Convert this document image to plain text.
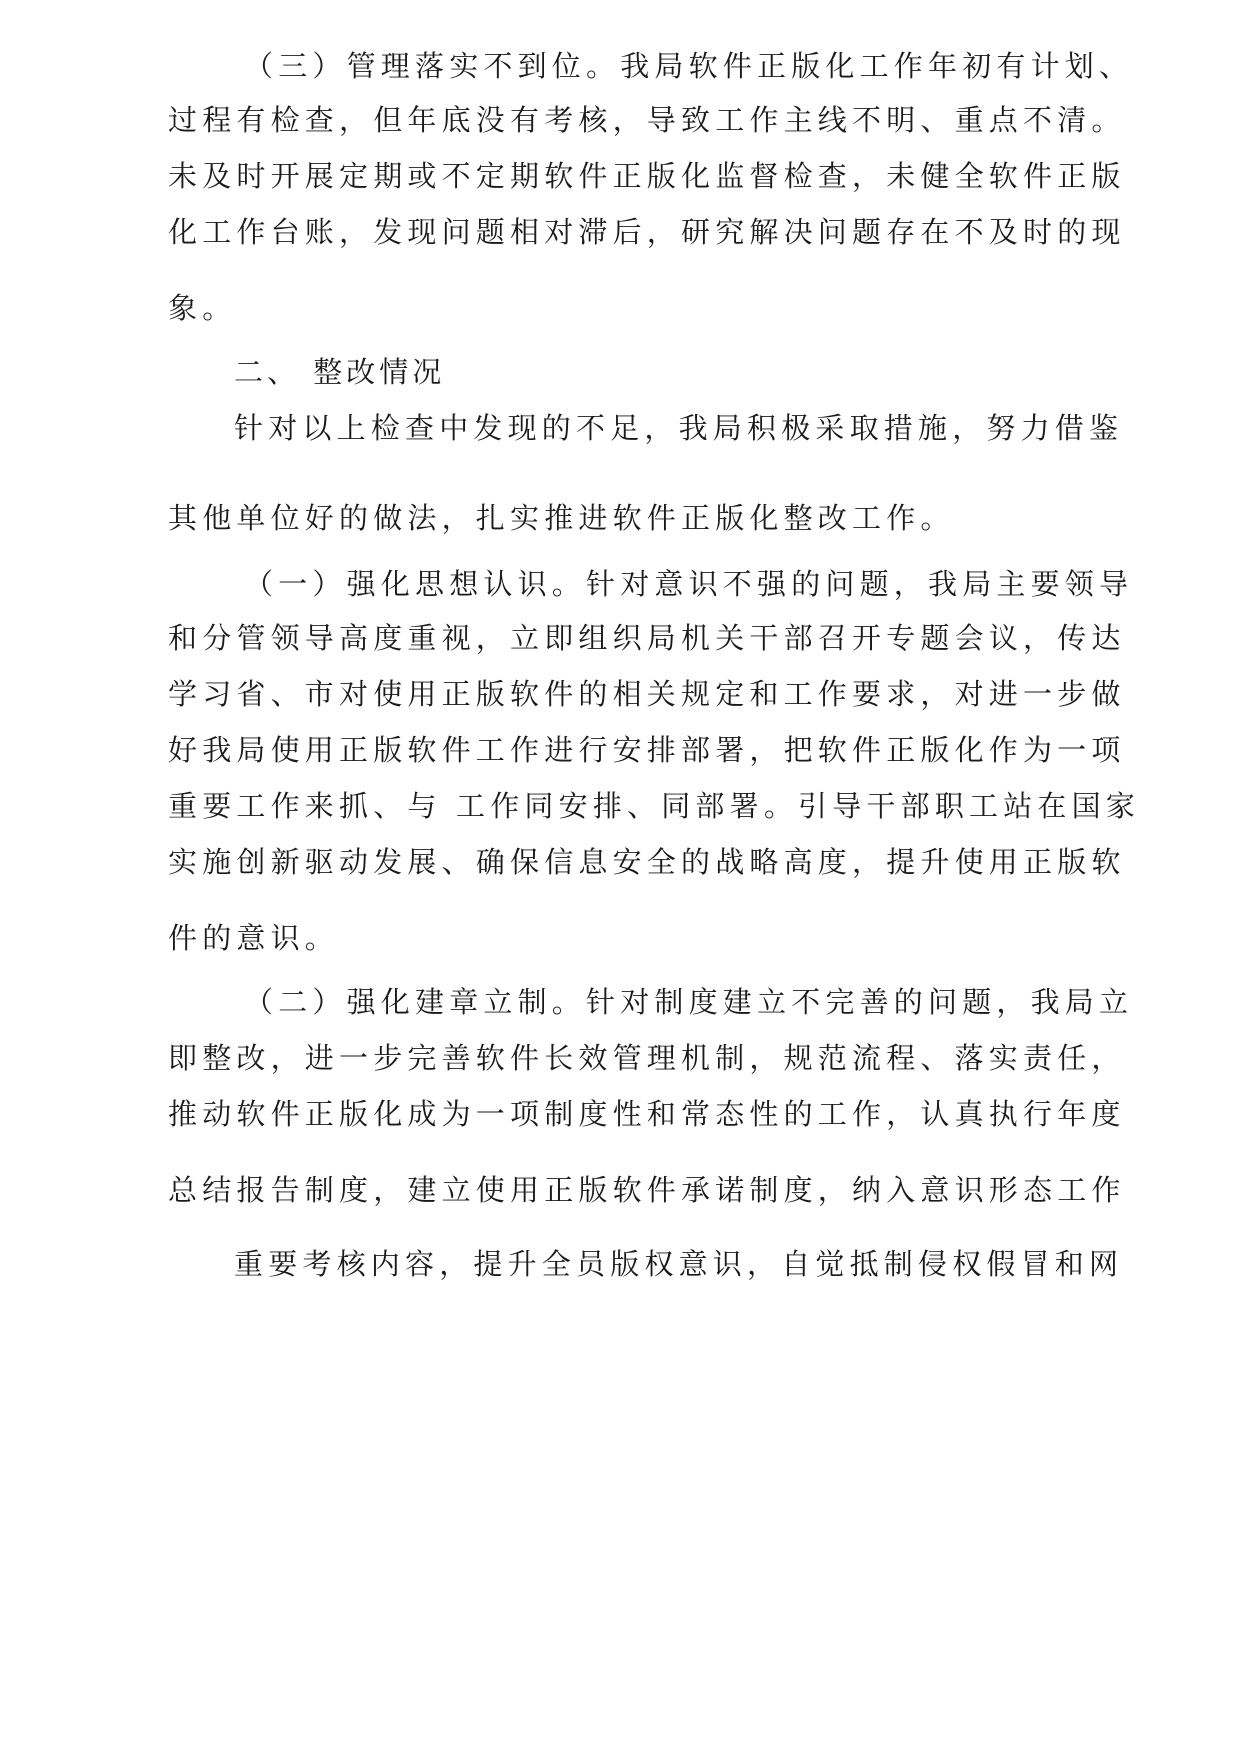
（三）管理落实不到位。我局软件正版化工作年初有计划、
过程有检查，但年底没有考核，导致工作主线不明、重点不清。
未及时开展定期或不定期软件正版化监督检查，未健全软件正版
化工作台账，发现问题相对滞后，研究解决问题存在不及时的现
象。
二、 整改情况
针对以上检查中发现的不足，我局积极采取措施，努力借鉴
其他单位好的做法，扎实推进软件正版化整改工作。
（一）强化思想认识。针对意识不强的问题，我局主要领导
和分管领导高度重视，立即组织局机关干部召开专题会议，传达
学习省、市对使用正版软件的相关规定和工作要求，对进一步做
好我局使用正版软件工作进行安排部署，把软件正版化作为一项
重要工作来抓、与 工作同安排、同部署。引导干部职工站在国家
实施创新驱动发展、确保信息安全的战略高度，提升使用正版软
件的意识。
（二）强化建章立制。针对制度建立不完善的问题，我局立
即整改，进一步完善软件长效管理机制，规范流程、落实责任，
推动软件正版化成为一项制度性和常态性的工作，认真执行年度
总结报告制度，建立使用正版软件承诺制度，纳入意识形态工作
重要考核内容，提升全员版权意识，自觉抵制侵权假冒和网
